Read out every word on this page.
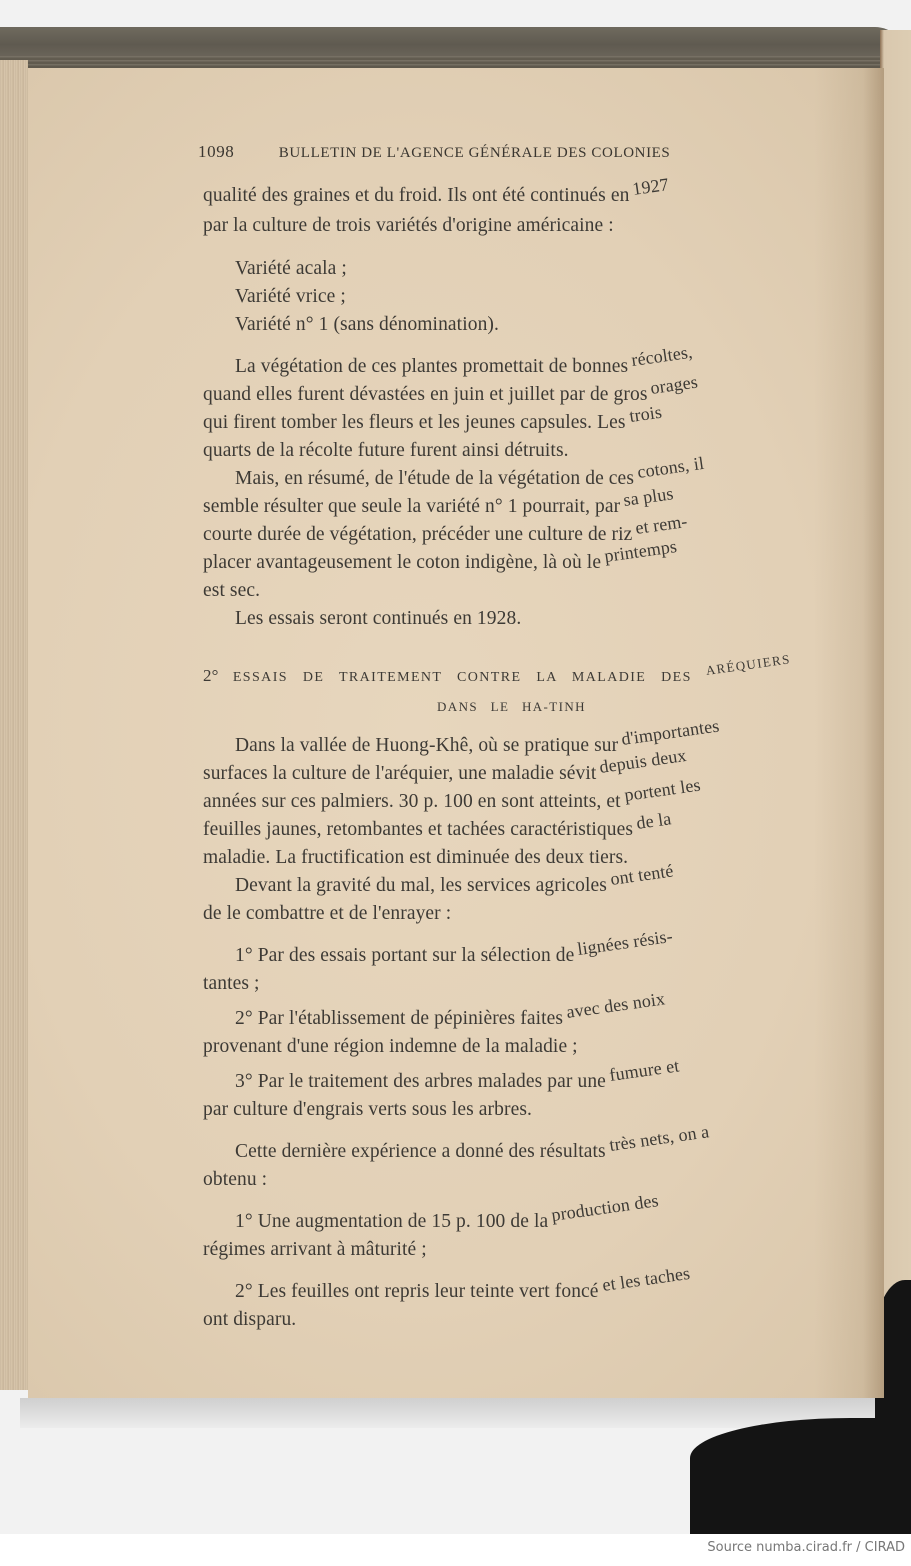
1098	BULLETIN DE L'AGENCE GÉNÉRALE DES COLONIES
qualité des graines et du froid. Ils ont été continués en 1927
par la culture de trois variétés d'origine américaine :
Variété acala ;
Variété vrice ;
Variété n° 1 (sans dénomination).
La végétation de ces plantes promettait de bonnes récoltes,
quand elles furent dévastées en juin et juillet par de gros orages
qui firent tomber les fleurs et les jeunes capsules. Les trois
quarts de la récolte future furent ainsi détruits.
Mais, en résumé, de l'étude de la végétation de ces cotons, il
semble résulter que seule la variété n° 1 pourrait, par sa plus
courte durée de végétation, précéder une culture de riz et rem-
placer avantageusement le coton indigène, là où le printemps
est sec.
Les essais seront continués en 1928.
2° ESSAIS DE TRAITEMENT CONTRE LA MALADIE DES ARÉQUIERS
DANS LE HA-TINH
Dans la vallée de Huong-Khê, où se pratique sur d'importantes
surfaces la culture de l'aréquier, une maladie sévit depuis deux
années sur ces palmiers. 30 p. 100 en sont atteints, et portent les
feuilles jaunes, retombantes et tachées caractéristiques de la
maladie. La fructification est diminuée des deux tiers.
Devant la gravité du mal, les services agricoles ont tenté
de le combattre et de l'enrayer :
1° Par des essais portant sur la sélection de lignées résis-
tantes ;
2° Par l'établissement de pépinières faites avec des noix
provenant d'une région indemne de la maladie ;
3° Par le traitement des arbres malades par une fumure et
par culture d'engrais verts sous les arbres.
Cette dernière expérience a donné des résultats très nets, on a
obtenu :
1° Une augmentation de 15 p. 100 de la production des
régimes arrivant à mâturité ;
2° Les feuilles ont repris leur teinte vert foncé et les taches
ont disparu.
Source numba.cirad.fr / CIRAD
